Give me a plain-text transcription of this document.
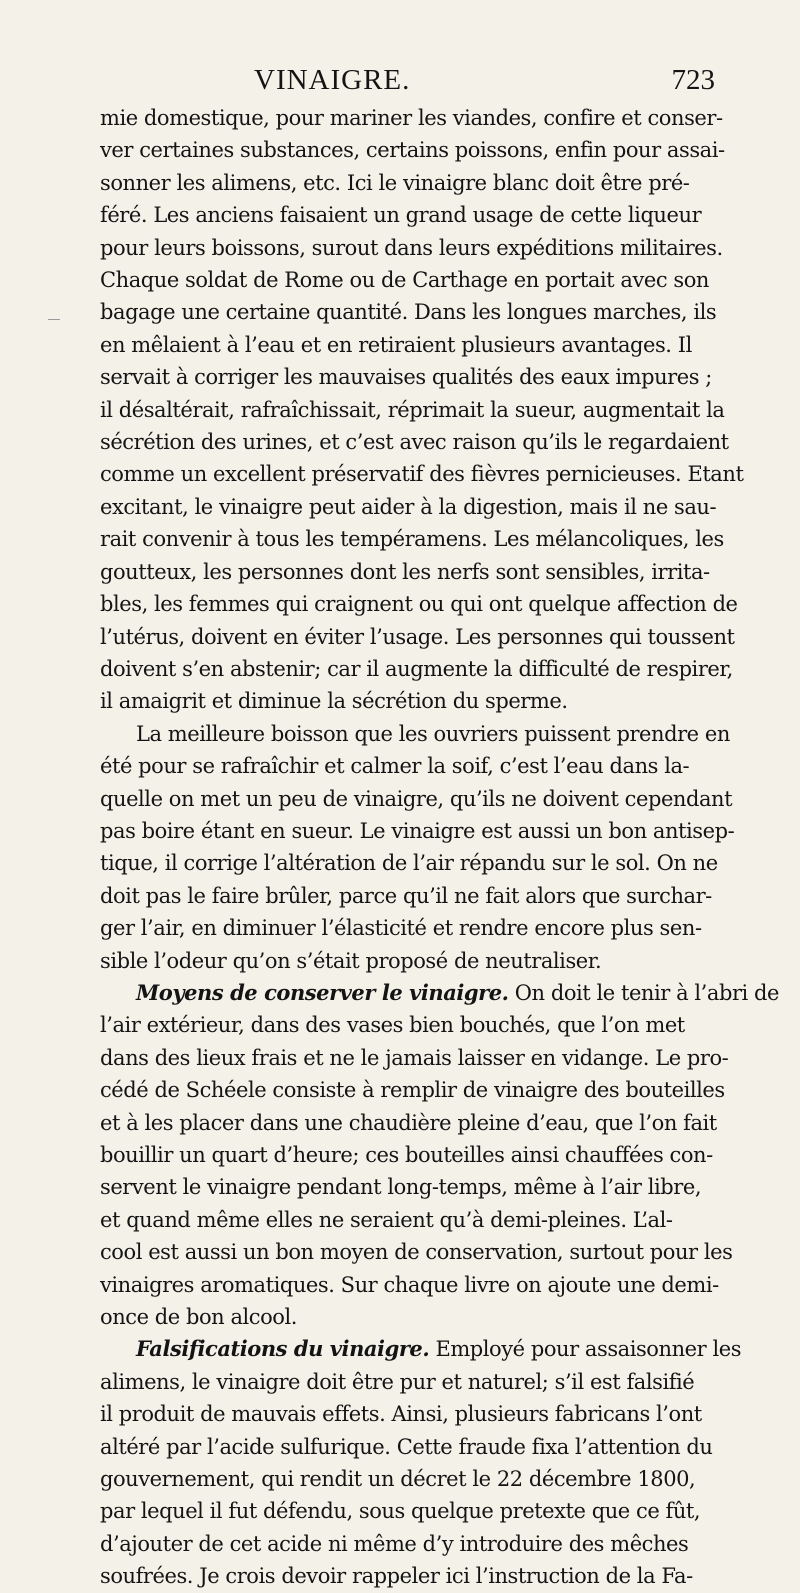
VINAIGRE.	723
mie domestique, pour mariner les viandes, confire et conser-
ver certaines substances, certains poissons, enfin pour assai-
sonner les alimens, etc. Ici le vinaigre blanc doit être pré-
féré. Les anciens faisaient un grand usage de cette liqueur
pour leurs boissons, surout dans leurs expéditions militaires.
Chaque soldat de Rome ou de Carthage en portait avec son
bagage une certaine quantité. Dans les longues marches, ils
en mêlaient à l’eau et en retiraient plusieurs avantages. Il
servait à corriger les mauvaises qualités des eaux impures ;
il désaltérait, rafraîchissait, réprimait la sueur, augmentait la
sécrétion des urines, et c’est avec raison qu’ils le regardaient
comme un excellent préservatif des fièvres pernicieuses. Etant
excitant, le vinaigre peut aider à la digestion, mais il ne sau-
rait convenir à tous les tempéramens. Les mélancoliques, les
goutteux, les personnes dont les nerfs sont sensibles, irrita-
bles, les femmes qui craignent ou qui ont quelque affection de
l’utérus, doivent en éviter l’usage. Les personnes qui toussent
doivent s’en abstenir; car il augmente la difficulté de respirer,
il amaigrit et diminue la sécrétion du sperme.
La meilleure boisson que les ouvriers puissent prendre en
été pour se rafraîchir et calmer la soif, c’est l’eau dans la-
quelle on met un peu de vinaigre, qu’ils ne doivent cependant
pas boire étant en sueur. Le vinaigre est aussi un bon antisep-
tique, il corrige l’altération de l’air répandu sur le sol. On ne
doit pas le faire brûler, parce qu’il ne fait alors que surchar-
ger l’air, en diminuer l’élasticité et rendre encore plus sen-
sible l’odeur qu’on s’était proposé de neutraliser.
Moyens de conserver le vinaigre. On doit le tenir à l’abri de
l’air extérieur, dans des vases bien bouchés, que l’on met
dans des lieux frais et ne le jamais laisser en vidange. Le pro-
cédé de Schéele consiste à remplir de vinaigre des bouteilles
et à les placer dans une chaudière pleine d’eau, que l’on fait
bouillir un quart d’heure; ces bouteilles ainsi chauffées con-
servent le vinaigre pendant long-temps, même à l’air libre,
et quand même elles ne seraient qu’à demi-pleines. L’al-
cool est aussi un bon moyen de conservation, surtout pour les
vinaigres aromatiques. Sur chaque livre on ajoute une demi-
once de bon alcool.
Falsifications du vinaigre. Employé pour assaisonner les
alimens, le vinaigre doit être pur et naturel; s’il est falsifié
il produit de mauvais effets. Ainsi, plusieurs fabricans l’ont
altéré par l’acide sulfurique. Cette fraude fixa l’attention du
gouvernement, qui rendit un décret le 22 décembre 1800,
par lequel il fut défendu, sous quelque pretexte que ce fût,
d’ajouter de cet acide ni même d’y introduire des mêches
soufrées. Je crois devoir rappeler ici l’instruction de la Fa-
